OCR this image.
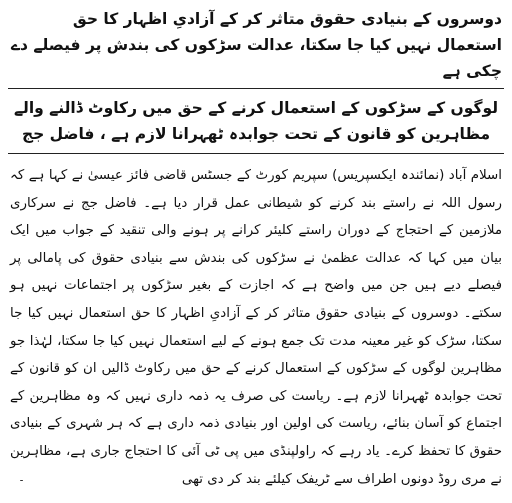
دوسروں کے بنیادی حقوق متاثر کر کے آزادیِ اظہار کا حق استعمال نہیں کیا جا سکتا، عدالت سڑکوں کی بندش پر فیصلے دے چکی ہے
لوگوں کے سڑکوں کے استعمال کرنے کے حق میں رکاوٹ ڈالنے والے مظاہرین کو قانون کے تحت جوابدہ ٹھہرانا لازم ہے ، فاضل جج

اسلام آباد (نمائندہ ایکسپریس) سپریم کورٹ کے جسٹس قاضی فائز عیسیٰ نے کہا ہے کہ رسول اللہ نے راستے بند کرنے کو شیطانی عمل قرار دیا ہے۔ فاضل جج نے سرکاری ملازمین کے احتجاج کے دوران راستے کلیئر کرانے پر ہونے والی تنقید کے جواب میں ایک بیان میں کہا کہ عدالت عظمیٰ نے سڑکوں کی بندش سے بنیادی حقوق کی پامالی پر فیصلے دیے ہیں جن میں واضح ہے کہ اجازت کے بغیر سڑکوں پر اجتماعات نہیں ہو سکتے۔ دوسروں کے بنیادی حقوق متاثر کر کے آزادیِ اظہار کا حق استعمال نہیں کیا جا سکتا، سڑک کو غیر معینہ مدت تک جمع ہونے کے لیے استعمال نہیں کیا جا سکتا، لہٰذا جو مظاہرین لوگوں کے سڑکوں کے استعمال کرنے کے حق میں رکاوٹ ڈالیں ان کو قانون کے تحت جوابدہ ٹھہرانا لازم ہے۔ ریاست کی صرف یہ ذمہ داری نہیں کہ وہ مظاہرین کے اجتماع کو آسان بنائے، ریاست کی اولین اور بنیادی ذمہ داری ہے کہ ہر شہری کے بنیادی حقوق کا تحفظ کرے۔ یاد رہے کہ راولپنڈی میں پی ٹی آئی کا احتجاج جاری ہے، مظاہرین نے مری روڈ دونوں اطراف سے ٹریفک کیلئے بند کر دی تھی

۔
